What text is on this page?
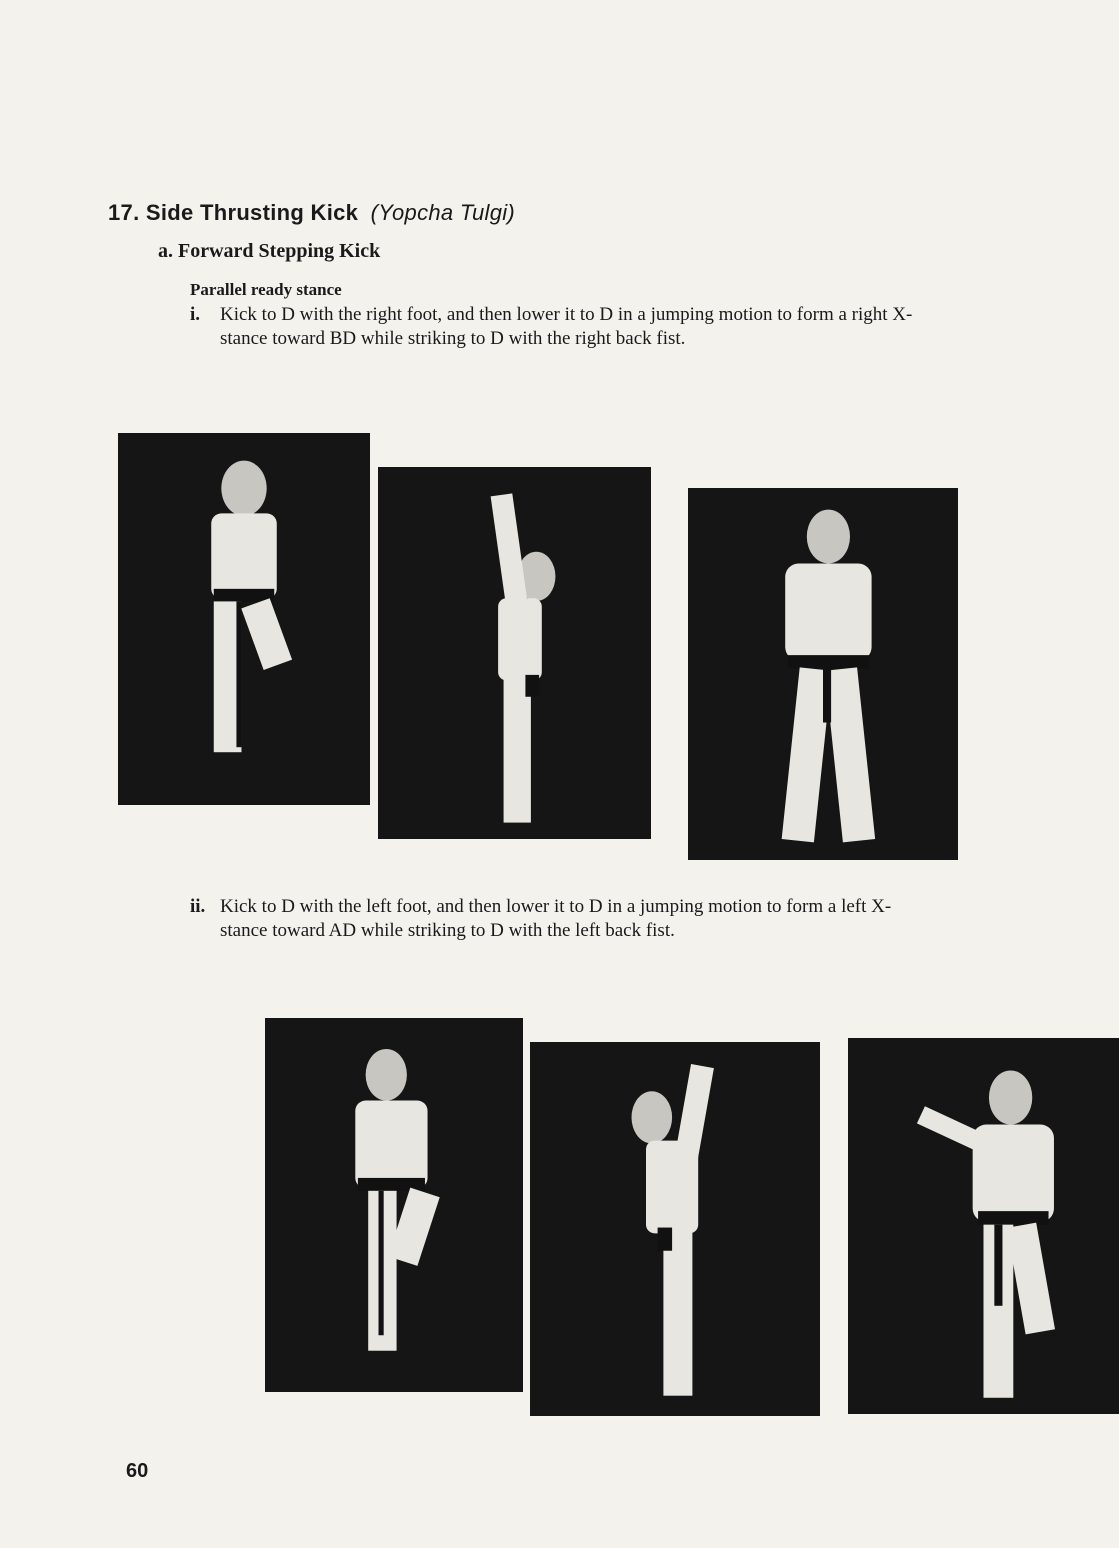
17. Side Thrusting Kick (Yopcha Tulgi)
a. Forward Stepping Kick
Parallel ready stance
i. Kick to D with the right foot, and then lower it to D in a jumping motion to form a right X-stance toward BD while striking to D with the right back fist.
ii. Kick to D with the left foot, and then lower it to D in a jumping motion to form a left X-stance toward AD while striking to D with the left back fist.
60
